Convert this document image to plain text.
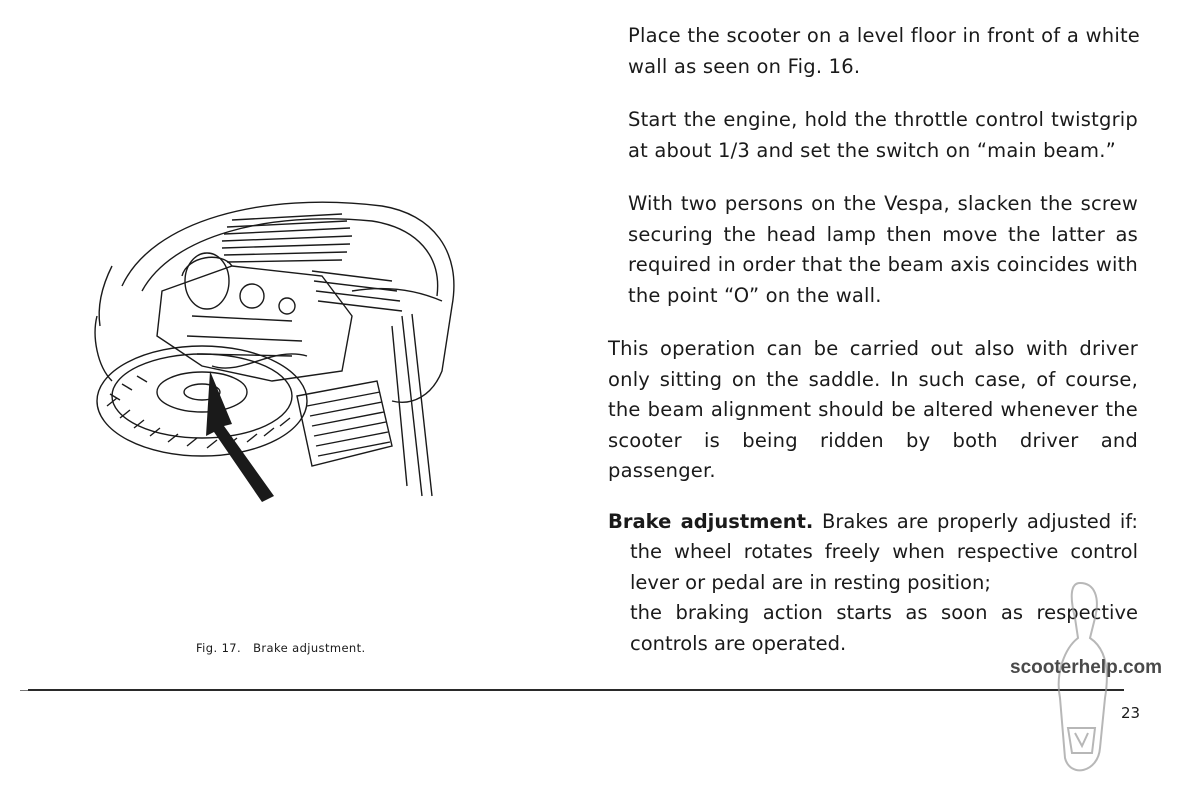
Place the scooter on a level floor in front of a white wall as seen on Fig. 16.

Start the engine, hold the throttle control twistgrip at about 1/3 and set the switch on “main beam.”

With two persons on the Vespa, slacken the screw securing the head lamp then move the latter as required in order that the beam axis coincides with the point “O” on the wall.

This operation can be carried out also with driver only sitting on the saddle. In such case, of course, the beam alignment should be altered whenever the scooter is being ridden by both driver and passenger.

Brake adjustment. Brakes are properly adjusted if:

the wheel rotates freely when respective control lever or pedal are in resting position;

the braking action starts as soon as respective controls are operated.

Fig. 17. Brake adjustment.

scooterhelp.com

23
